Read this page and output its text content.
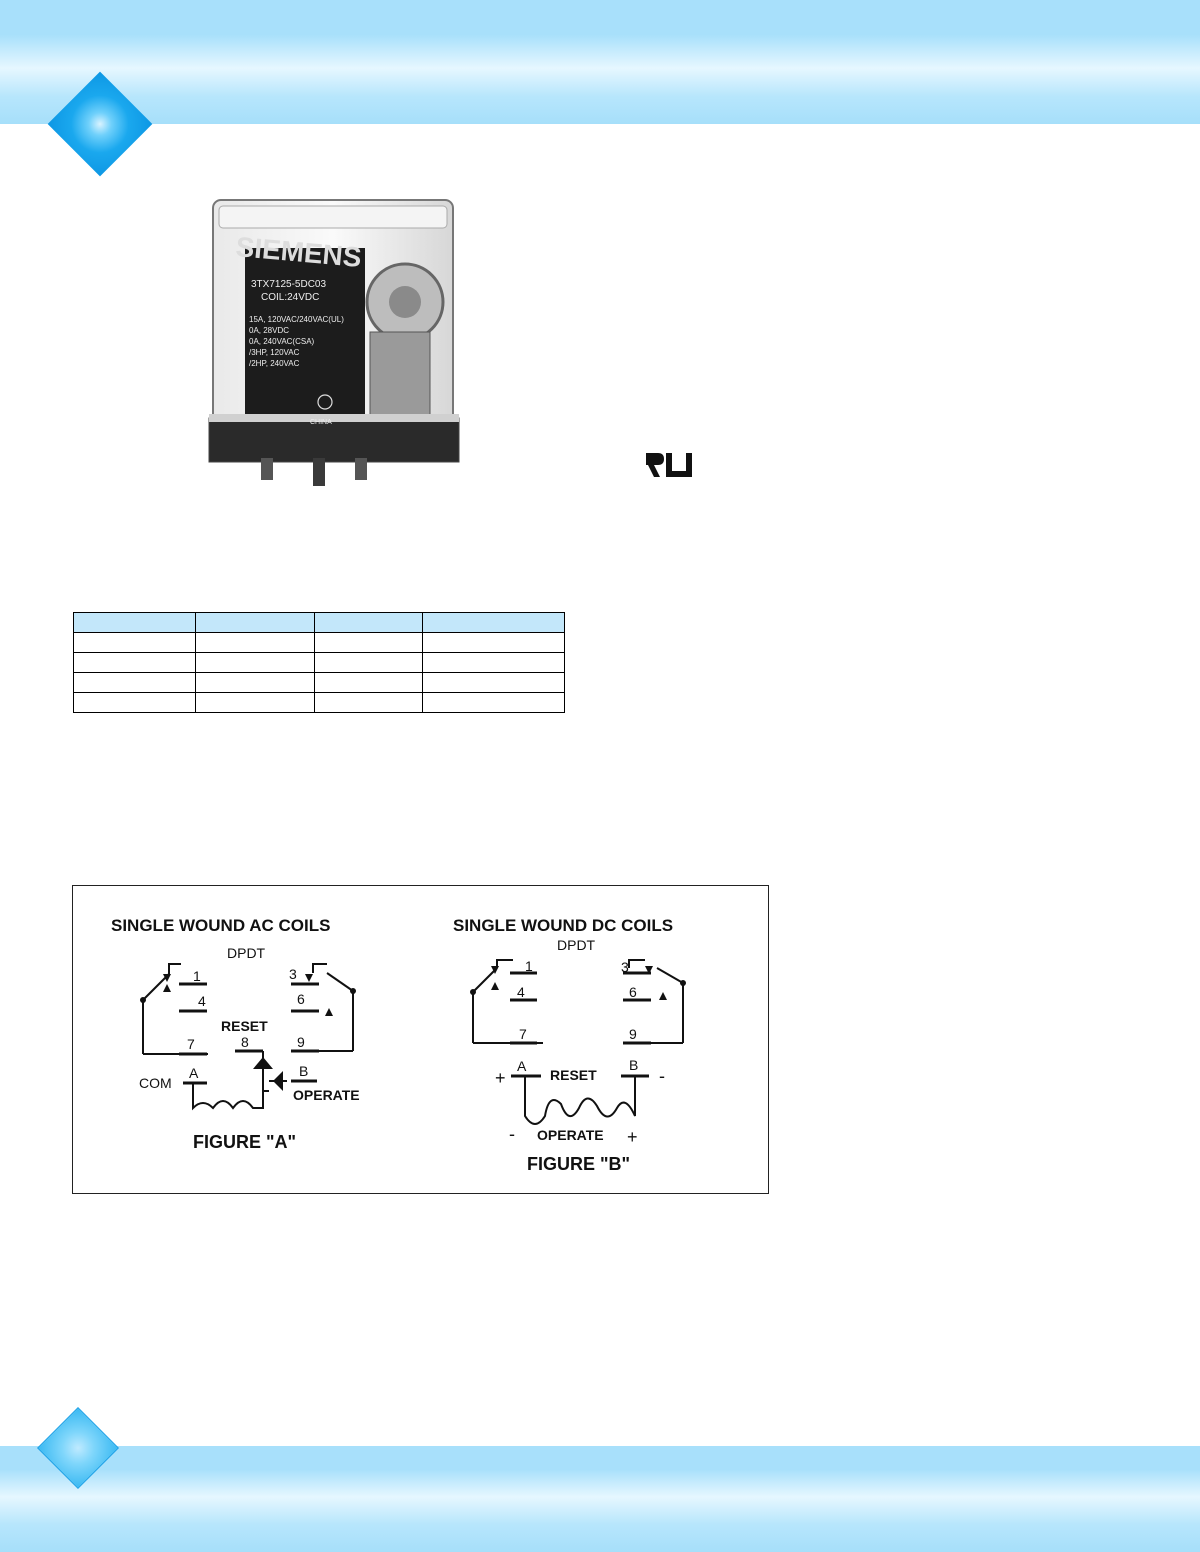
SIEMENS
3TX7125-5DC03
COIL:24VDC
15A, 120VAC/240VAC(UL)
0A, 28VDC
0A, 240VAC(CSA)
/3HP, 120VAC
/2HP, 240VAC
CHINA

SINGLE WOUND AC COILS
DPDT
1	3
4	6
7	8	9
A	B
RESET
COM
OPERATE
FIGURE "A"
SINGLE WOUND DC COILS
DPDT
1	3
4	6
7	9
A	B
RESET
+	-
- OPERATE +
FIGURE "B"
